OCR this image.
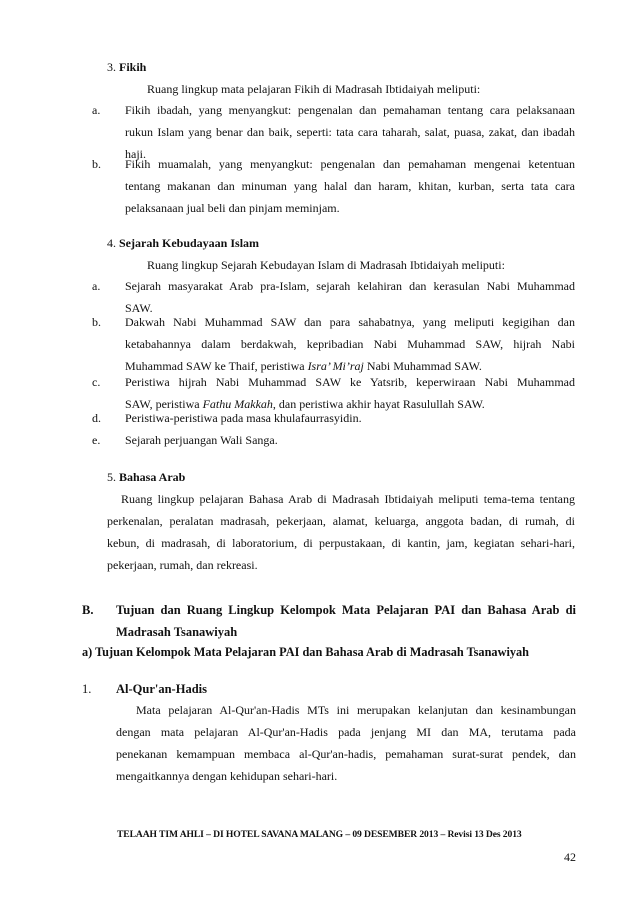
3. Fikih
Ruang lingkup mata pelajaran Fikih di Madrasah Ibtidaiyah meliputi:
a. Fikih ibadah, yang menyangkut: pengenalan dan pemahaman tentang cara pelaksanaan
rukun Islam yang benar dan baik, seperti: tata cara taharah, salat, puasa, zakat, dan ibadah
haji.
b. Fikih muamalah, yang menyangkut: pengenalan dan pemahaman mengenai ketentuan
tentang makanan dan minuman yang halal dan haram, khitan, kurban, serta tata cara
pelaksanaan jual beli dan pinjam meminjam.
4. Sejarah Kebudayaan Islam
Ruang lingkup Sejarah Kebudayan Islam di Madrasah Ibtidaiyah meliputi:
a. Sejarah masyarakat Arab pra-Islam, sejarah kelahiran dan kerasulan Nabi Muhammad
SAW.
b. Dakwah Nabi Muhammad SAW dan para sahabatnya, yang meliputi kegigihan dan
ketabahannya dalam berdakwah, kepribadian Nabi Muhammad SAW, hijrah Nabi
Muhammad SAW ke Thaif, peristiwa Isra’ Mi’raj Nabi Muhammad SAW.
c. Peristiwa hijrah Nabi Muhammad SAW ke Yatsrib, keperwiraan Nabi Muhammad
SAW, peristiwa Fathu Makkah, dan peristiwa akhir hayat Rasulullah SAW.
d. Peristiwa-peristiwa pada masa khulafaurrasyidin.
e. Sejarah perjuangan Wali Sanga.
5. Bahasa Arab
Ruang lingkup pelajaran Bahasa Arab di Madrasah Ibtidaiyah meliputi tema-tema tentang
perkenalan, peralatan madrasah, pekerjaan, alamat, keluarga, anggota badan, di rumah, di
kebun, di madrasah, di laboratorium, di perpustakaan, di kantin, jam, kegiatan sehari-hari,
pekerjaan, rumah, dan rekreasi.
B. Tujuan dan Ruang Lingkup Kelompok Mata Pelajaran PAI dan Bahasa Arab di
Madrasah Tsanawiyah
a) Tujuan Kelompok Mata Pelajaran PAI dan Bahasa Arab di Madrasah Tsanawiyah
1. Al-Qur'an-Hadis
Mata pelajaran Al-Qur'an-Hadis MTs ini merupakan kelanjutan dan kesinambungan
dengan mata pelajaran Al-Qur'an-Hadis pada jenjang MI dan MA, terutama pada
penekanan kemampuan membaca al-Qur'an-hadis, pemahaman surat-surat pendek, dan
mengaitkannya dengan kehidupan sehari-hari.
TELAAH TIM AHLI – DI HOTEL SAVANA MALANG – 09 DESEMBER 2013 – Revisi 13 Des 2013
42
